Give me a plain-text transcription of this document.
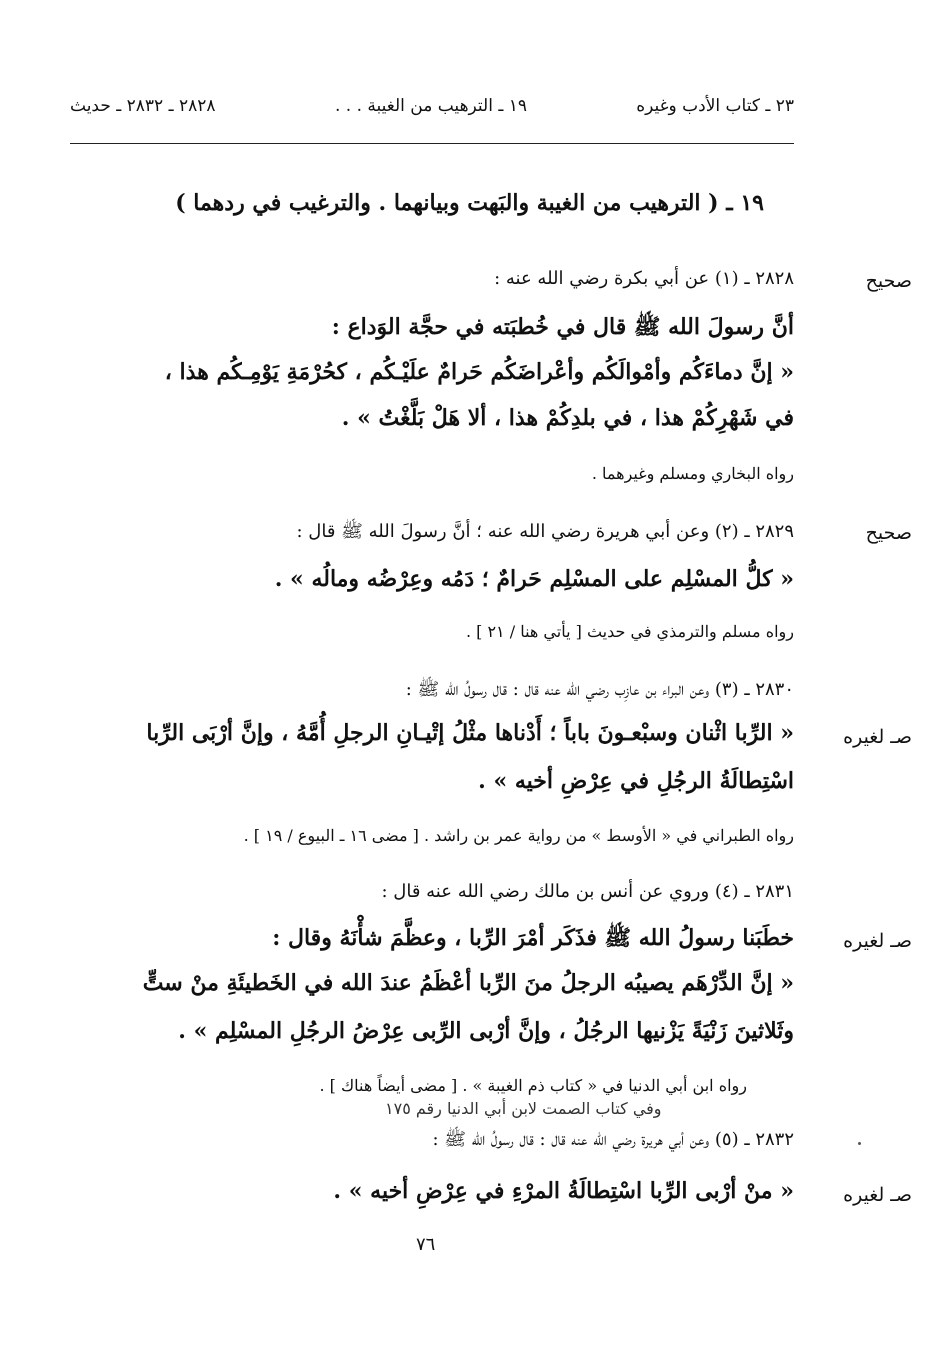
٢٣ ـ كتاب الأدب وغيره
١٩ ـ الترهيب من الغيبة . . .
٢٨٢٨ ـ ٢٨٣٢ ـ حديث
١٩ ـ ( الترهيب من الغيبة والبَهت وبيانهما . والترغيب في ردهما )
صحيح
٢٨٢٨ ـ (١) عن أبي بكرة رضي الله عنه :
أنَّ رسولَ الله ﷺ قال في خُطبَته في حجَّة الوَداع :
« إنَّ دماءَكُم وأمْوالَكُم وأعْراضَكُم حَرامٌ علَيْـكُم ، كحُرْمَةِ يَوْمِـكُم هذا ،
في شَهْرِكُمْ هذا ، في بلدِكُمْ هذا ، ألا هَلْ بَلَّغْتُ » .
رواه البخاري ومسلم وغيرهما .
صحيح
٢٨٢٩ ـ (٢) وعن أبي هريرة رضي الله عنه ؛ أنَّ رسولَ الله ﷺ قال :
« كلُّ المسْلِم على المسْلِم حَرامٌ ؛ دَمُه وعِرْضُه ومالُه » .
رواه مسلم والترمذي في حديث [ يأتي هنا / ٢١ ] .
٢٨٣٠ ـ (٣) وعن البراء بن عازِب رضي الله عنه قال : قال رسولُ الله ﷺ :
صـ لغيره
« الرِّبا اثْنان وسبْعـونَ باباً ؛ أَدْناها مثْلُ إتْيـانِ الرجلِ أُمَّهُ ، وإنَّ أرْبَى الرِّبا
اسْتِطالَةُ الرجُلِ في عِرْضِ أخيه » .
رواه الطبراني في « الأوسط » من رواية عمر بن راشد . [ مضى ١٦ ـ البيوع / ١٩ ] .
٢٨٣١ ـ (٤) وروي عن أنس بن مالك رضي الله عنه قال :
صـ لغيره
خطَبَنا رسولُ الله ﷺ فذَكَر أمْرَ الرِّبا ، وعظَّمَ شأْنَهُ وقال :
« إنَّ الدِّرْهَم يصيبُه الرجلُ منَ الرِّبا أعْظَمُ عندَ الله في الخَطيئَةِ منْ ستٍّ
وثَلاثينَ زَنْيَةً يَزْنيها الرجُلُ ، وإنَّ أرْبى الرِّبى عِرْضُ الرجُلِ المسْلِم » .
رواه ابن أبي الدنيا في « كتاب ذم الغيبة » . [ مضى أيضاً هناك ] .
وفي كتاب الصمت لابن أبي الدنيا رقم ١٧٥
٢٨٣٢ ـ (٥) وعن أبي هريرة رضي الله عنه قال : قال رسولُ الله ﷺ :
صـ لغيره
« منْ أرْبى الرِّبا اسْتِطالَةُ المرْءِ في عِرْضِ أخيه » .
٧٦
